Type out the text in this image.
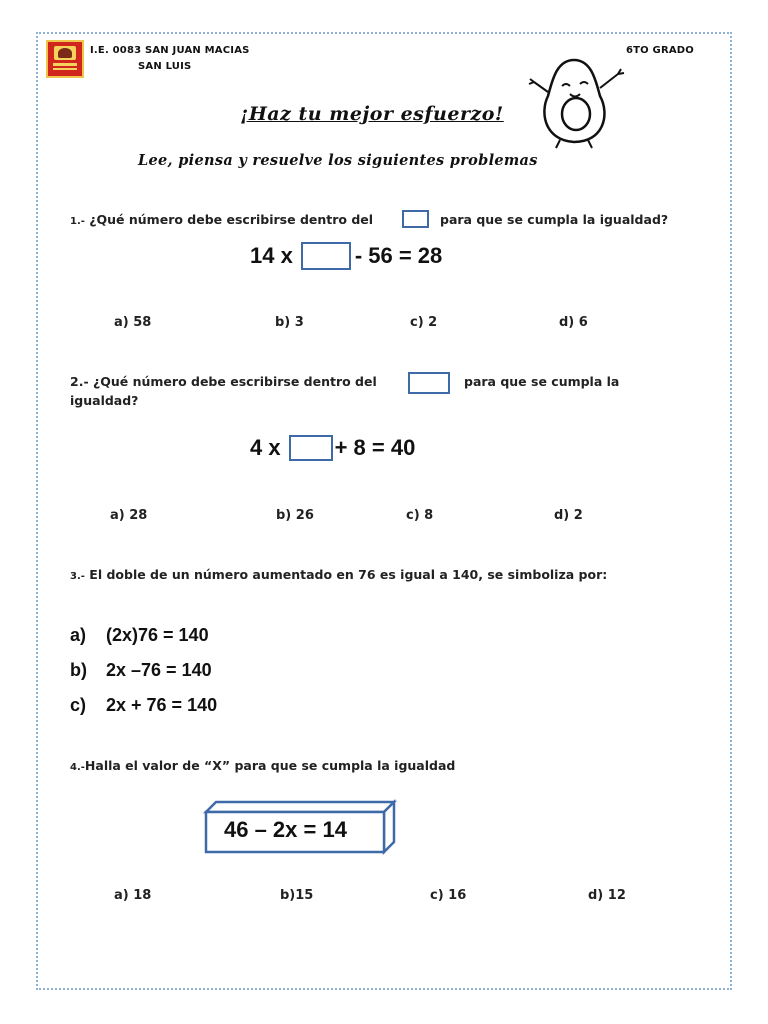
I.E. 0083 SAN JUAN MACIAS
SAN LUIS
6TO GRADO
¡Haz tu mejor esfuerzo!
Lee, piensa y resuelve los siguientes problemas
1.- ¿Qué número debe escribirse dentro del	para que se cumpla la igualdad?
14 x	- 56 = 28
a) 58	b) 3	c) 2	d) 6
2.- ¿Qué número debe escribirse dentro del	para que se cumpla la
igualdad?
4 x + 8 = 40
a) 28	b) 26	c) 8	d) 2
3.- El doble de un número aumentado en 76 es igual a 140, se simboliza por:
a) (2x)76 = 140
b) 2x –76 = 140
c) 2x + 76 = 140
4.-Halla el valor de “X” para que se cumpla la igualdad
46 – 2x = 14
a) 18	b)15	c) 16	d) 12
